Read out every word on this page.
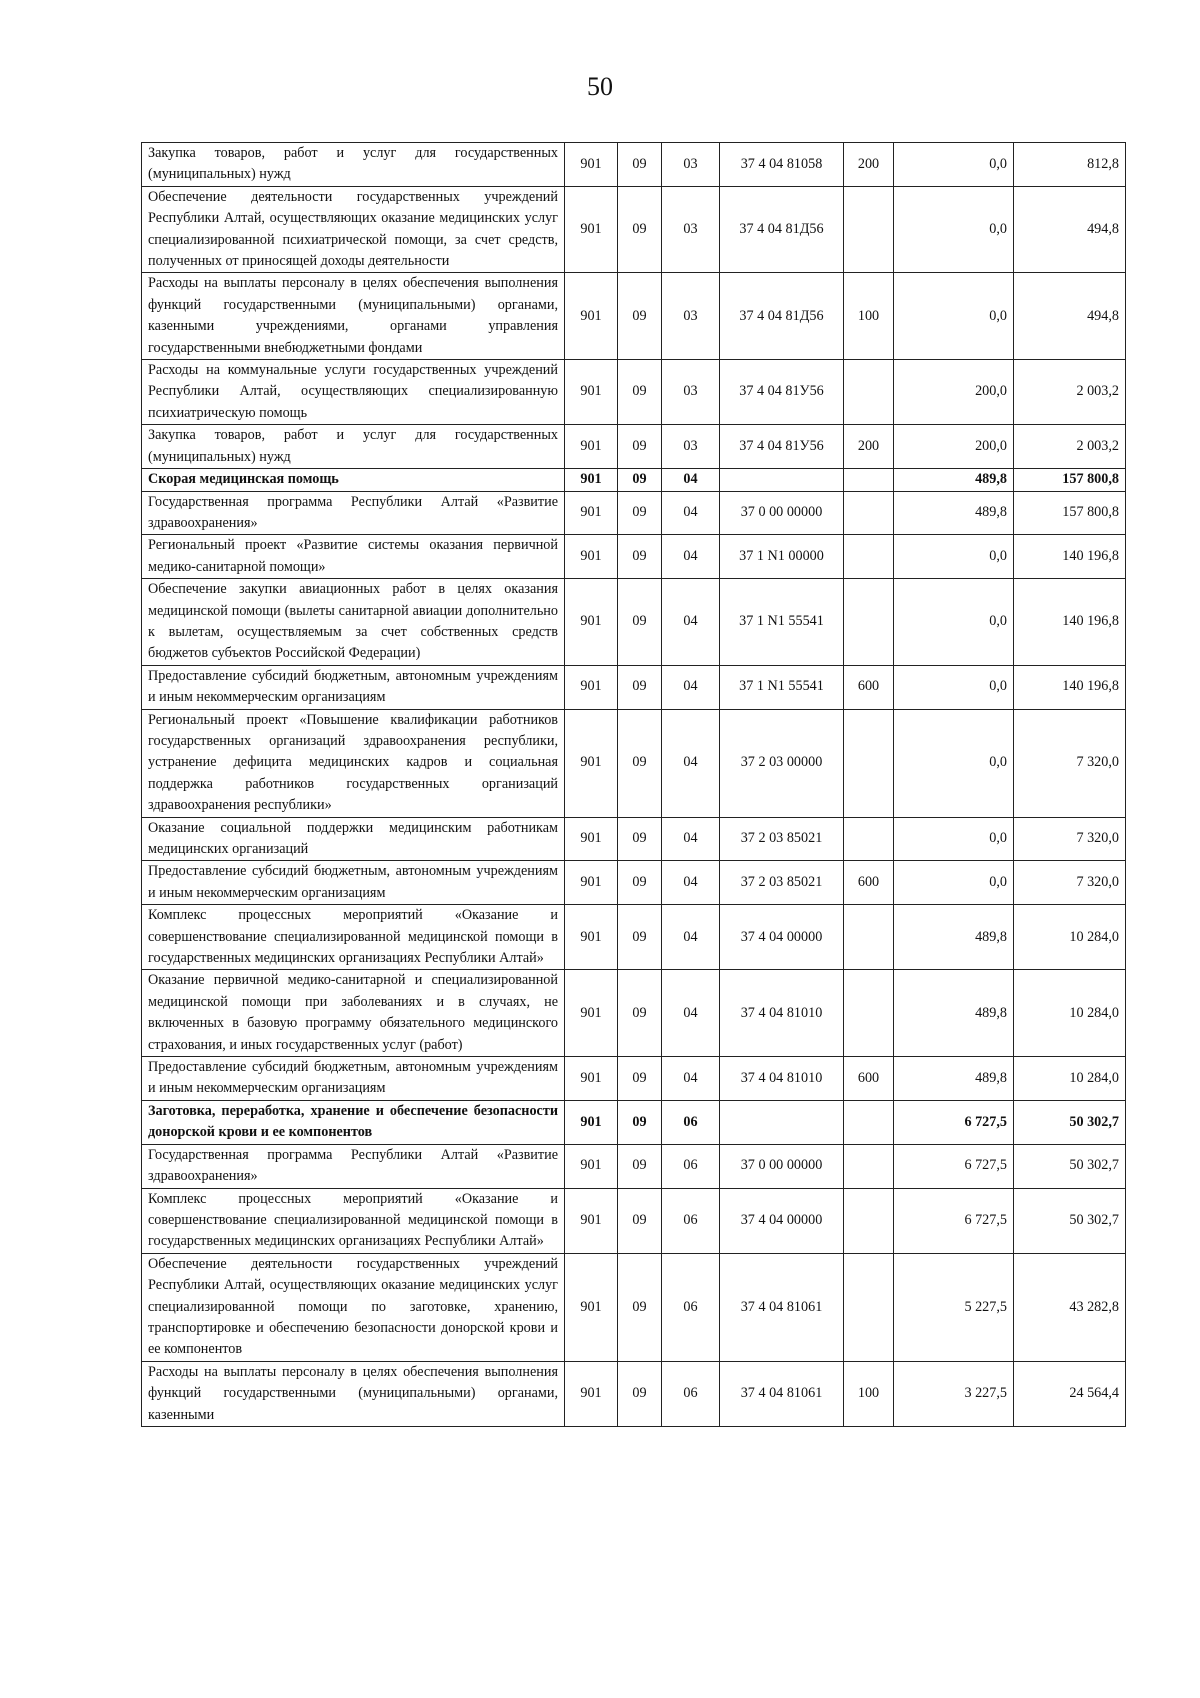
50
Закупка товаров, работ и услуг для государственных (муниципальных) нужд	901	09	03	37 4 04 81058	200	0,0	812,8
Обеспечение деятельности государственных учреждений Республики Алтай, осуществляющих оказание медицинских услуг специализированной психиатрической помощи, за счет средств, полученных от приносящей доходы деятельности	901	09	03	37 4 04 81Д56		0,0	494,8
Расходы на выплаты персоналу в целях обеспечения выполнения функций государственными (муниципальными) органами, казенными учреждениями, органами управления государственными внебюджетными фондами	901	09	03	37 4 04 81Д56	100	0,0	494,8
Расходы на коммунальные услуги государственных учреждений Республики Алтай, осуществляющих специализированную психиатрическую помощь	901	09	03	37 4 04 81У56		200,0	2 003,2
Закупка товаров, работ и услуг для государственных (муниципальных) нужд	901	09	03	37 4 04 81У56	200	200,0	2 003,2
Скорая медицинская помощь	901	09	04			489,8	157 800,8
Государственная программа Республики Алтай «Развитие здравоохранения»	901	09	04	37 0 00 00000		489,8	157 800,8
Региональный проект «Развитие системы оказания первичной медико-санитарной помощи»	901	09	04	37 1 N1 00000		0,0	140 196,8
Обеспечение закупки авиационных работ в целях оказания медицинской помощи (вылеты санитарной авиации дополнительно к вылетам, осуществляемым за счет собственных средств бюджетов субъектов Российской Федерации)	901	09	04	37 1 N1 55541		0,0	140 196,8
Предоставление субсидий бюджетным, автономным учреждениям и иным некоммерческим организациям	901	09	04	37 1 N1 55541	600	0,0	140 196,8
Региональный проект «Повышение квалификации работников государственных организаций здравоохранения республики, устранение дефицита медицинских кадров и социальная поддержка работников государственных организаций здравоохранения республики»	901	09	04	37 2 03 00000		0,0	7 320,0
Оказание социальной поддержки медицинским работникам медицинских организаций	901	09	04	37 2 03 85021		0,0	7 320,0
Предоставление субсидий бюджетным, автономным учреждениям и иным некоммерческим организациям	901	09	04	37 2 03 85021	600	0,0	7 320,0
Комплекс процессных мероприятий «Оказание и совершенствование специализированной медицинской помощи в государственных медицинских организациях Республики Алтай»	901	09	04	37 4 04 00000		489,8	10 284,0
Оказание первичной медико-санитарной и специализированной медицинской помощи при заболеваниях и в случаях, не включенных в базовую программу обязательного медицинского страхования, и иных государственных услуг (работ)	901	09	04	37 4 04 81010		489,8	10 284,0
Предоставление субсидий бюджетным, автономным учреждениям и иным некоммерческим организациям	901	09	04	37 4 04 81010	600	489,8	10 284,0
Заготовка, переработка, хранение и обеспечение безопасности донорской крови и ее компонентов	901	09	06			6 727,5	50 302,7
Государственная программа Республики Алтай «Развитие здравоохранения»	901	09	06	37 0 00 00000		6 727,5	50 302,7
Комплекс процессных мероприятий «Оказание и совершенствование специализированной медицинской помощи в государственных медицинских организациях Республики Алтай»	901	09	06	37 4 04 00000		6 727,5	50 302,7
Обеспечение деятельности государственных учреждений Республики Алтай, осуществляющих оказание медицинских услуг специализированной помощи по заготовке, хранению, транспортировке и обеспечению безопасности донорской крови и ее компонентов	901	09	06	37 4 04 81061		5 227,5	43 282,8
Расходы на выплаты персоналу в целях обеспечения выполнения функций государственными (муниципальными) органами, казенными	901	09	06	37 4 04 81061	100	3 227,5	24 564,4
